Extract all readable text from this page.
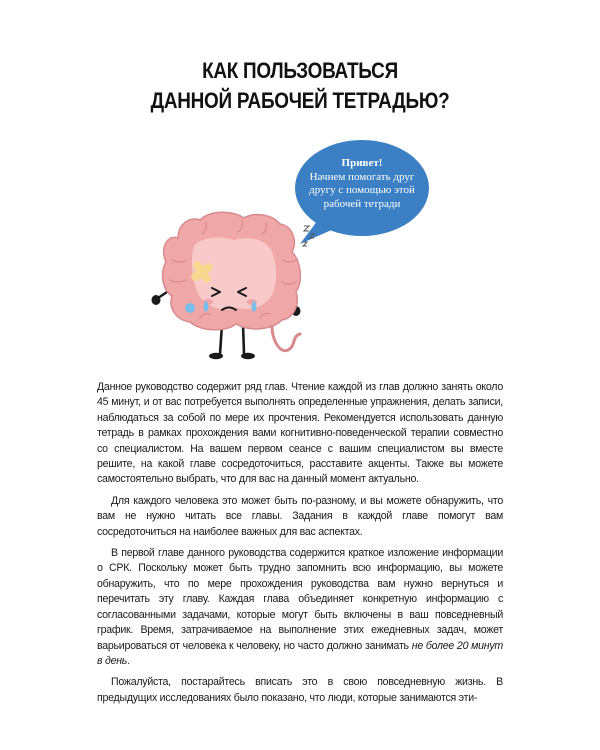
КАК ПОЛЬЗОВАТЬСЯ
ДАННОЙ РАБОЧЕЙ ТЕТРАДЬЮ?
Привет!
Начнем помогать друг другу с помощью этой рабочей тетради

Данное руководство содержит ряд глав. Чтение каждой из глав должно занять около 45 минут, и от вас потребуется выполнять определенные упражнения, делать записи, наблюдаться за собой по мере их прочтения. Рекомендуется использовать данную тетрадь в рамках прохождения вами когнитивно-поведенческой терапии совместно со специалистом. На вашем первом сеансе с вашим специалистом вы вместе решите, на какой главе сосредоточиться, расставите акценты. Также вы можете самостоятельно выбрать, что для вас на данный момент актуально.

Для каждого человека это может быть по-разному, и вы можете обнаружить, что вам не нужно читать все главы. Задания в каждой главе помогут вам сосредоточиться на наиболее важных для вас аспектах.

В первой главе данного руководства содержится краткое изложение информации о СРК. Поскольку может быть трудно запомнить всю информацию, вы можете обнаружить, что по мере прохождения руководства вам нужно вернуться и перечитать эту главу. Каждая глава объединяет конкретную информацию с согласованными задачами, которые могут быть включены в ваш повседневный график. Время, затрачиваемое на выполнение этих ежедневных задач, может варьироваться от человека к человеку, но часто должно занимать не более 20 минут в день.

Пожалуйста, постарайтесь вписать это в свою повседневную жизнь. В предыдущих исследованиях было показано, что люди, которые занимаются эти-
